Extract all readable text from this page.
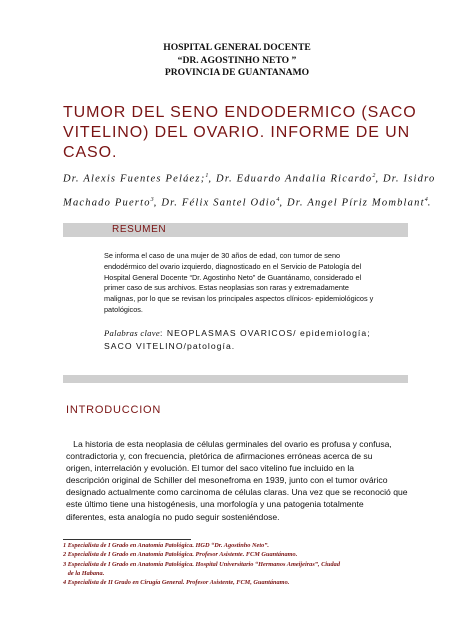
HOSPITAL GENERAL DOCENTE
“DR. AGOSTINHO NETO ”
PROVINCIA DE GUANTANAMO
TUMOR DEL SENO ENDODERMICO (SACO
VITELINO) DEL OVARIO. INFORME DE UN
CASO.
Dr. Alexis Fuentes Peláez;$^1$, Dr. Eduardo Andalia Ricardo$^2$, Dr. Isidro
Machado Puerto$^3$, Dr. Félix Santel Odio$^4$, Dr. Angel Píriz Momblant$^4$.
RESUMEN
Se informa el caso de una mujer de 30 años de edad, con tumor de seno
endodérmico del ovario izquierdo, diagnosticado en el Servicio de Patología del
Hospital General Docente “Dr. Agostinho Neto” de Guantánamo, considerado el
primer caso de sus archivos. Estas neoplasias son raras y extremadamente
malignas, por lo que se revisan los principales aspectos clínicos- epidemiológicos y
patológicos.
Palabras clave: NEOPLASMAS OVARICOS/ epidemiología;
SACO VITELINO/patología.
INTRODUCCION
La historia de esta neoplasia de células germinales del ovario es profusa y confusa,
contradictoria y, con frecuencia, pletórica de afirmaciones erróneas acerca de su
origen, interrelación y evolución. El tumor del saco vitelino fue incluido en la
descripción original de Schiller del mesonefroma en 1939, junto con el tumor ovárico
designado actualmente como carcinoma de células claras. Una vez que se reconoció que
este último tiene una histogénesis, una morfología y una patogenia totalmente
diferentes, esta analogía no pudo seguir sosteniéndose.
1 Especialista de I Grado en Anatomía Patológica. HGD “Dr. Agostinho Neto”.
2 Especialista de I Grado en Anatomía Patológica. Profesor Asistente. FCM Guantánamo.
3 Especialista de I Grado en Anatomía Patológica. Hospital Universitario “Hermanos Ameijeiras”, Ciudad
de la Habana.
4 Especialista de II Grado en Cirugía General. Profesor Asistente, FCM, Guantánamo.
